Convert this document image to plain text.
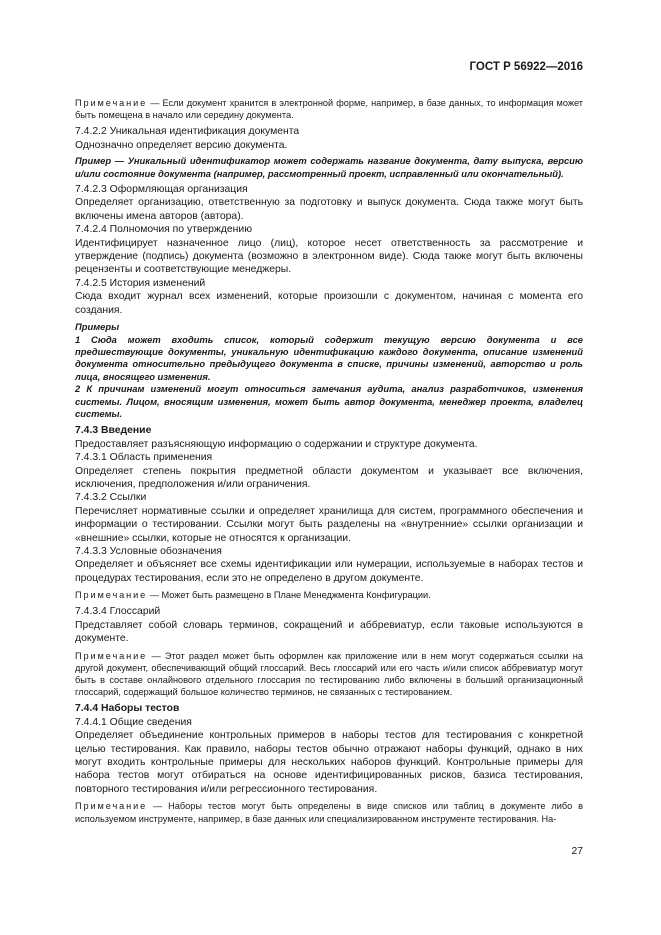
ГОСТ Р 56922—2016

Примечание — Если документ хранится в электронной форме, например, в базе данных, то информация может быть помещена в начало или середину документа.

7.4.2.2 Уникальная идентификация документа

Однозначно определяет версию документа.

Пример — Уникальный идентификатор может содержать название документа, дату выпуска, версию и/или состояние документа (например, рассмотренный проект, исправленный или окончательный).

7.4.2.3 Оформляющая организация

Определяет организацию, ответственную за подготовку и выпуск документа. Сюда также могут быть включены имена авторов (автора).

7.4.2.4 Полномочия по утверждению

Идентифицирует назначенное лицо (лиц), которое несет ответственность за рассмотрение и утверждение (подпись) документа (возможно в электронном виде). Сюда также могут быть включены рецензенты и соответствующие менеджеры.

7.4.2.5 История изменений

Сюда входит журнал всех изменений, которые произошли с документом, начиная с момента его создания.

Примеры

1 Сюда может входить список, который содержит текущую версию документа и все предшествующие документы, уникальную идентификацию каждого документа, описание изменений документа относительно предыдущего документа в списке, причины изменений, авторство и роль лица, вносящего изменения.

2 К причинам изменений могут относиться замечания аудита, анализ разработчиков, изменения системы. Лицом, вносящим изменения, может быть автор документа, менеджер проекта, владелец системы.

7.4.3 Введение

Предоставляет разъясняющую информацию о содержании и структуре документа.

7.4.3.1 Область применения

Определяет степень покрытия предметной области документом и указывает все включения, исключения, предположения и/или ограничения.

7.4.3.2 Ссылки

Перечисляет нормативные ссылки и определяет хранилища для систем, программного обеспечения и информации о тестировании. Ссылки могут быть разделены на «внутренние» ссылки организации и «внешние» ссылки, которые не относятся к организации.

7.4.3.3 Условные обозначения

Определяет и объясняет все схемы идентификации или нумерации, используемые в наборах тестов и процедурах тестирования, если это не определено в другом документе.

Примечание — Может быть размещено в Плане Менеджмента Конфигурации.

7.4.3.4 Глоссарий

Представляет собой словарь терминов, сокращений и аббревиатур, если таковые используются в документе.

Примечание — Этот раздел может быть оформлен как приложение или в нем могут содержаться ссылки на другой документ, обеспечивающий общий глоссарий. Весь глоссарий или его часть и/или список аббревиатур могут быть в составе онлайнового отдельного глоссария по тестированию либо включены в больший организационный глоссарий, содержащий большое количество терминов, не связанных с тестированием.

7.4.4 Наборы тестов

7.4.4.1 Общие сведения

Определяет объединение контрольных примеров в наборы тестов для тестирования с конкретной целью тестирования. Как правило, наборы тестов обычно отражают наборы функций, однако в них могут входить контрольные примеры для нескольких наборов функций. Контрольные примеры для набора тестов могут отбираться на основе идентифицированных рисков, базиса тестирования, повторного тестирования и/или регрессионного тестирования.

Примечание — Наборы тестов могут быть определены в виде списков или таблиц в документе либо в используемом инструменте, например, в базе данных или специализированном инструменте тестирования. На-

27
